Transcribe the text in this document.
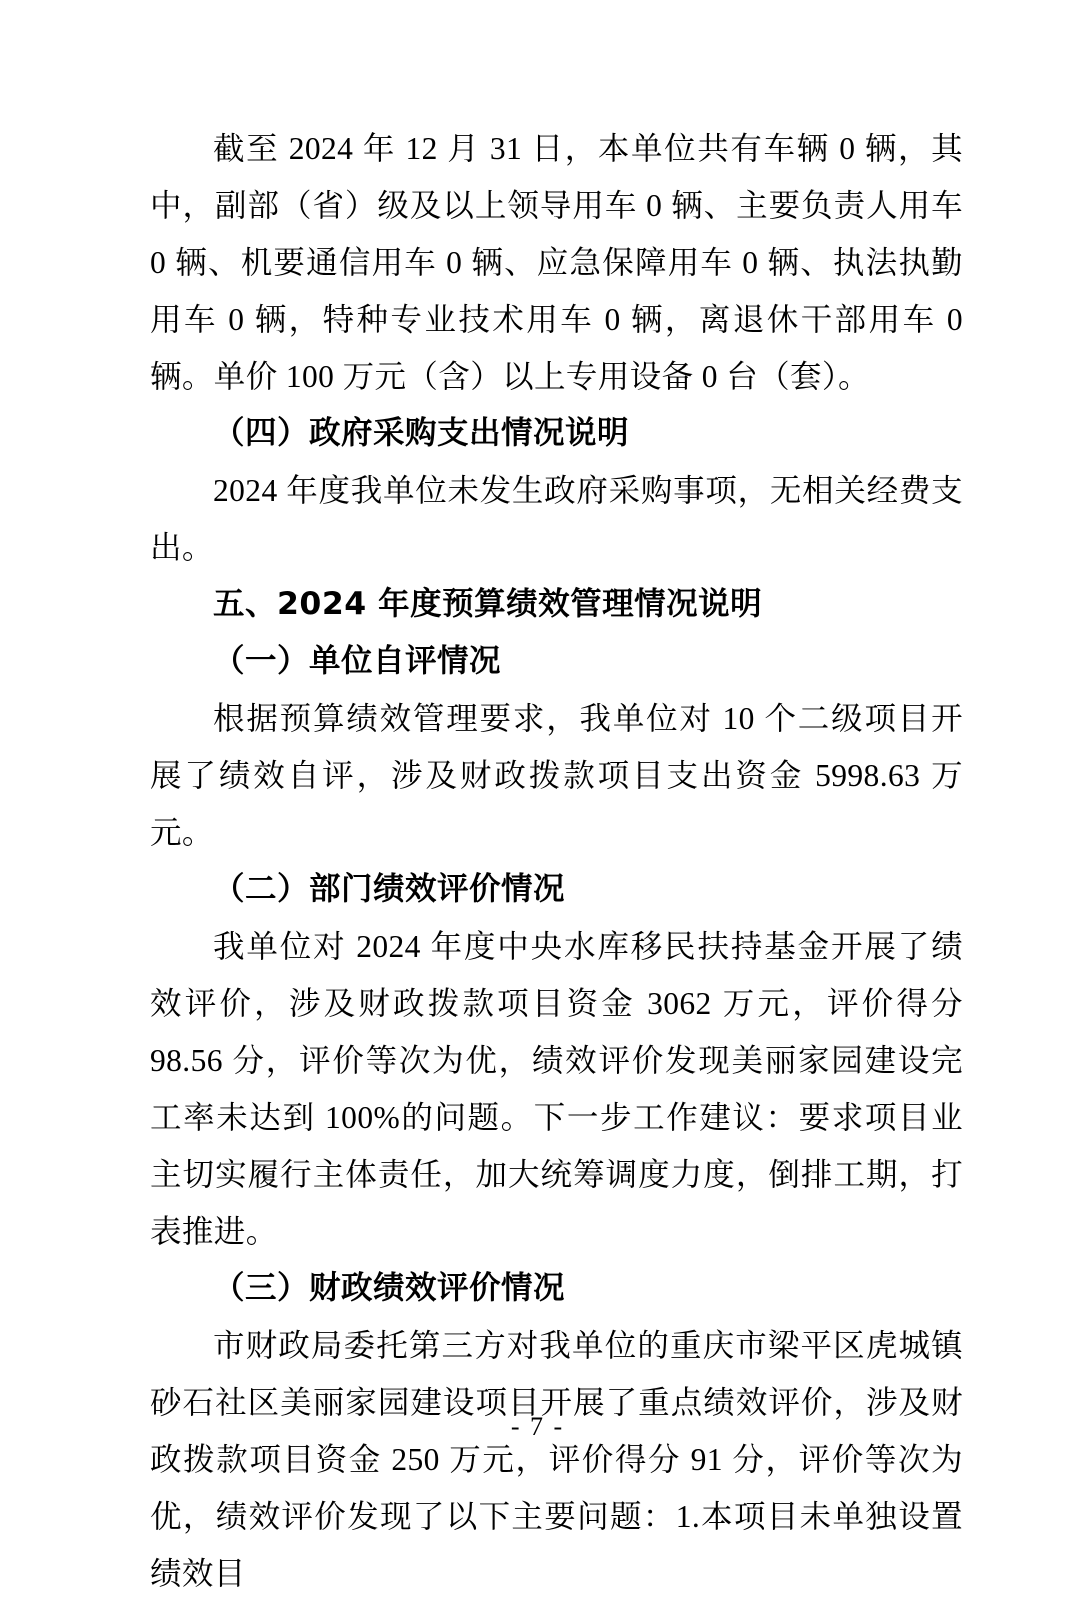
截至 2024 年 12 月 31 日，本单位共有车辆 0 辆，其中，副部（省）级及以上领导用车 0 辆、主要负责人用车 0 辆、机要通信用车 0 辆、应急保障用车 0 辆、执法执勤用车 0 辆，特种专业技术用车 0 辆，离退休干部用车 0 辆。单价 100 万元（含）以上专用设备 0 台（套）。

（四）政府采购支出情况说明

2024 年度我单位未发生政府采购事项，无相关经费支出。

五、2024 年度预算绩效管理情况说明
（一）单位自评情况

根据预算绩效管理要求，我单位对 10 个二级项目开展了绩效自评，涉及财政拨款项目支出资金 5998.63 万元。

（二）部门绩效评价情况

我单位对 2024 年度中央水库移民扶持基金开展了绩效评价，涉及财政拨款项目资金 3062 万元，评价得分 98.56 分，评价等次为优，绩效评价发现美丽家园建设完工率未达到 100%的问题。下一步工作建议：要求项目业主切实履行主体责任，加大统筹调度力度，倒排工期，打表推进。

（三）财政绩效评价情况

市财政局委托第三方对我单位的重庆市梁平区虎城镇砂石社区美丽家园建设项目开展了重点绩效评价，涉及财政拨款项目资金 250 万元，评价得分 91 分，评价等次为优，绩效评价发现了以下主要问题：1.本项目未单独设置绩效目

- 7 -
